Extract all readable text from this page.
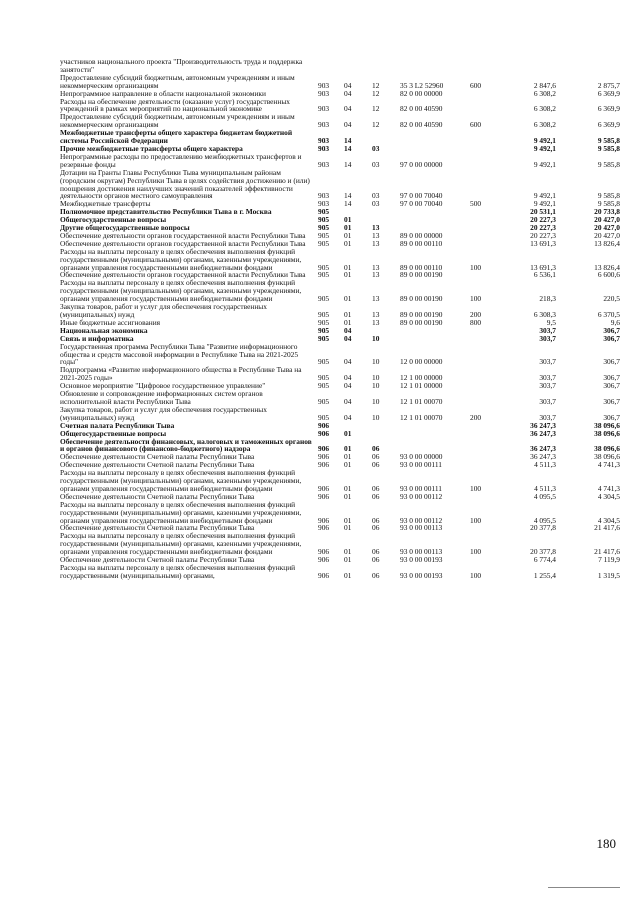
участников национального проекта "Производительность труда и поддержка занятости"							
Предоставление субсидий бюджетным, автономным учреждениям и иным некоммерческим организациям	903	04	12	35 3 L2 52960	600	2 847,6	2 875,7
Непрограммное направление в области национальной экономики	903	04	12	82 0 00 00000		6 308,2	6 369,9
Расходы на обеспечение деятельности (оказание услуг) государственных учреждений в рамках мероприятий по национальной экономике	903	04	12	82 0 00 40590		6 308,2	6 369,9
Предоставление субсидий бюджетным, автономным учреждениям и иным некоммерческим организациям	903	04	12	82 0 00 40590	600	6 308,2	6 369,9
Межбюджетные трансферты общего характера бюджетам бюджетной системы Российской Федерации	903	14				9 492,1	9 585,8
Прочие межбюджетные трансферты общего характера	903	14	03			9 492,1	9 585,8
Непрограммные расходы по предоставлению межбюджетных трансфертов и резервные фонды	903	14	03	97 0 00 00000		9 492,1	9 585,8
Дотации на Гранты Главы Республики Тыва муниципальным районам (городским округам) Республики Тыва в целях содействия достижению и (или) поощрения достижения наилучших значений показателей эффективности деятельности органов местного самоуправления	903	14	03	97 0 00 70040		9 492,1	9 585,8
Межбюджетные трансферты	903	14	03	97 0 00 70040	500	9 492,1	9 585,8
Полномочное представительство Республики Тыва в г. Москва	905					20 531,1	20 733,8
Общегосударственные вопросы	905	01				20 227,3	20 427,0
Другие общегосударственные вопросы	905	01	13			20 227,3	20 427,0
Обеспечение деятельности органов государственной власти Республики Тыва	905	01	13	89 0 00 00000		20 227,3	20 427,0
Обеспечение деятельности органов государственной власти Республики Тыва	905	01	13	89 0 00 00110		13 691,3	13 826,4
Расходы на выплаты персоналу в целях обеспечения выполнения функций государственными (муниципальными) органами, казенными учреждениями, органами управления государственными внебюджетными фондами	905	01	13	89 0 00 00110	100	13 691,3	13 826,4
Обеспечение деятельности органов государственной власти Республики Тыва	905	01	13	89 0 00 00190		6 536,1	6 600,6
Расходы на выплаты персоналу в целях обеспечения выполнения функций государственными (муниципальными) органами, казенными учреждениями, органами управления государственными внебюджетными фондами	905	01	13	89 0 00 00190	100	218,3	220,5
Закупка товаров, работ и услуг для обеспечения государственных (муниципальных) нужд	905	01	13	89 0 00 00190	200	6 308,3	6 370,5
Иные бюджетные ассигнования	905	01	13	89 0 00 00190	800	9,5	9,6
Национальная экономика	905	04				303,7	306,7
Связь и информатика	905	04	10			303,7	306,7
Государственная программа Республики Тыва "Развитие информационного общества и средств массовой информации в Республике Тыва на 2021-2025 годы"	905	04	10	12 0 00 00000		303,7	306,7
Подпрограмма «Развитие информационного общества в Республике Тыва на 2021-2025 годы»	905	04	10	12 1 00 00000		303,7	306,7
Основное мероприятие "Цифровое государственное управление"	905	04	10	12 1 01 00000		303,7	306,7
Обновление и сопровождение информационных систем органов исполнительной власти Республики Тыва	905	04	10	12 1 01 00070		303,7	306,7
Закупка товаров, работ и услуг для обеспечения государственных (муниципальных) нужд	905	04	10	12 1 01 00070	200	303,7	306,7
Счетная палата Республики Тыва	906					36 247,3	38 096,6
Общегосударственные вопросы	906	01				36 247,3	38 096,6
Обеспечение деятельности финансовых, налоговых и таможенных органов и органов финансового (финансово-бюджетного) надзора	906	01	06			36 247,3	38 096,6
Обеспечение деятельности Счетной палаты Республики Тыва	906	01	06	93 0 00 00000		36 247,3	38 096,6
Обеспечение деятельности Счетной палаты Республики Тыва	906	01	06	93 0 00 00111		4 511,3	4 741,3
Расходы на выплаты персоналу в целях обеспечения выполнения функций государственными (муниципальными) органами, казенными учреждениями, органами управления государственными внебюджетными фондами	906	01	06	93 0 00 00111	100	4 511,3	4 741,3
Обеспечение деятельности Счетной палаты Республики Тыва	906	01	06	93 0 00 00112		4 095,5	4 304,5
Расходы на выплаты персоналу в целях обеспечения выполнения функций государственными (муниципальными) органами, казенными учреждениями, органами управления государственными внебюджетными фондами	906	01	06	93 0 00 00112	100	4 095,5	4 304,5
Обеспечение деятельности Счетной палаты Республики Тыва	906	01	06	93 0 00 00113		20 377,8	21 417,6
Расходы на выплаты персоналу в целях обеспечения выполнения функций государственными (муниципальными) органами, казенными учреждениями, органами управления государственными внебюджетными фондами	906	01	06	93 0 00 00113	100	20 377,8	21 417,6
Обеспечение деятельности Счетной палаты Республики Тыва	906	01	06	93 0 00 00193		6 774,4	7 119,9
Расходы на выплаты персоналу в целях обеспечения выполнения функций государственными (муниципальными) органами,	906	01	06	93 0 00 00193	100	1 255,4	1 319,5
180
